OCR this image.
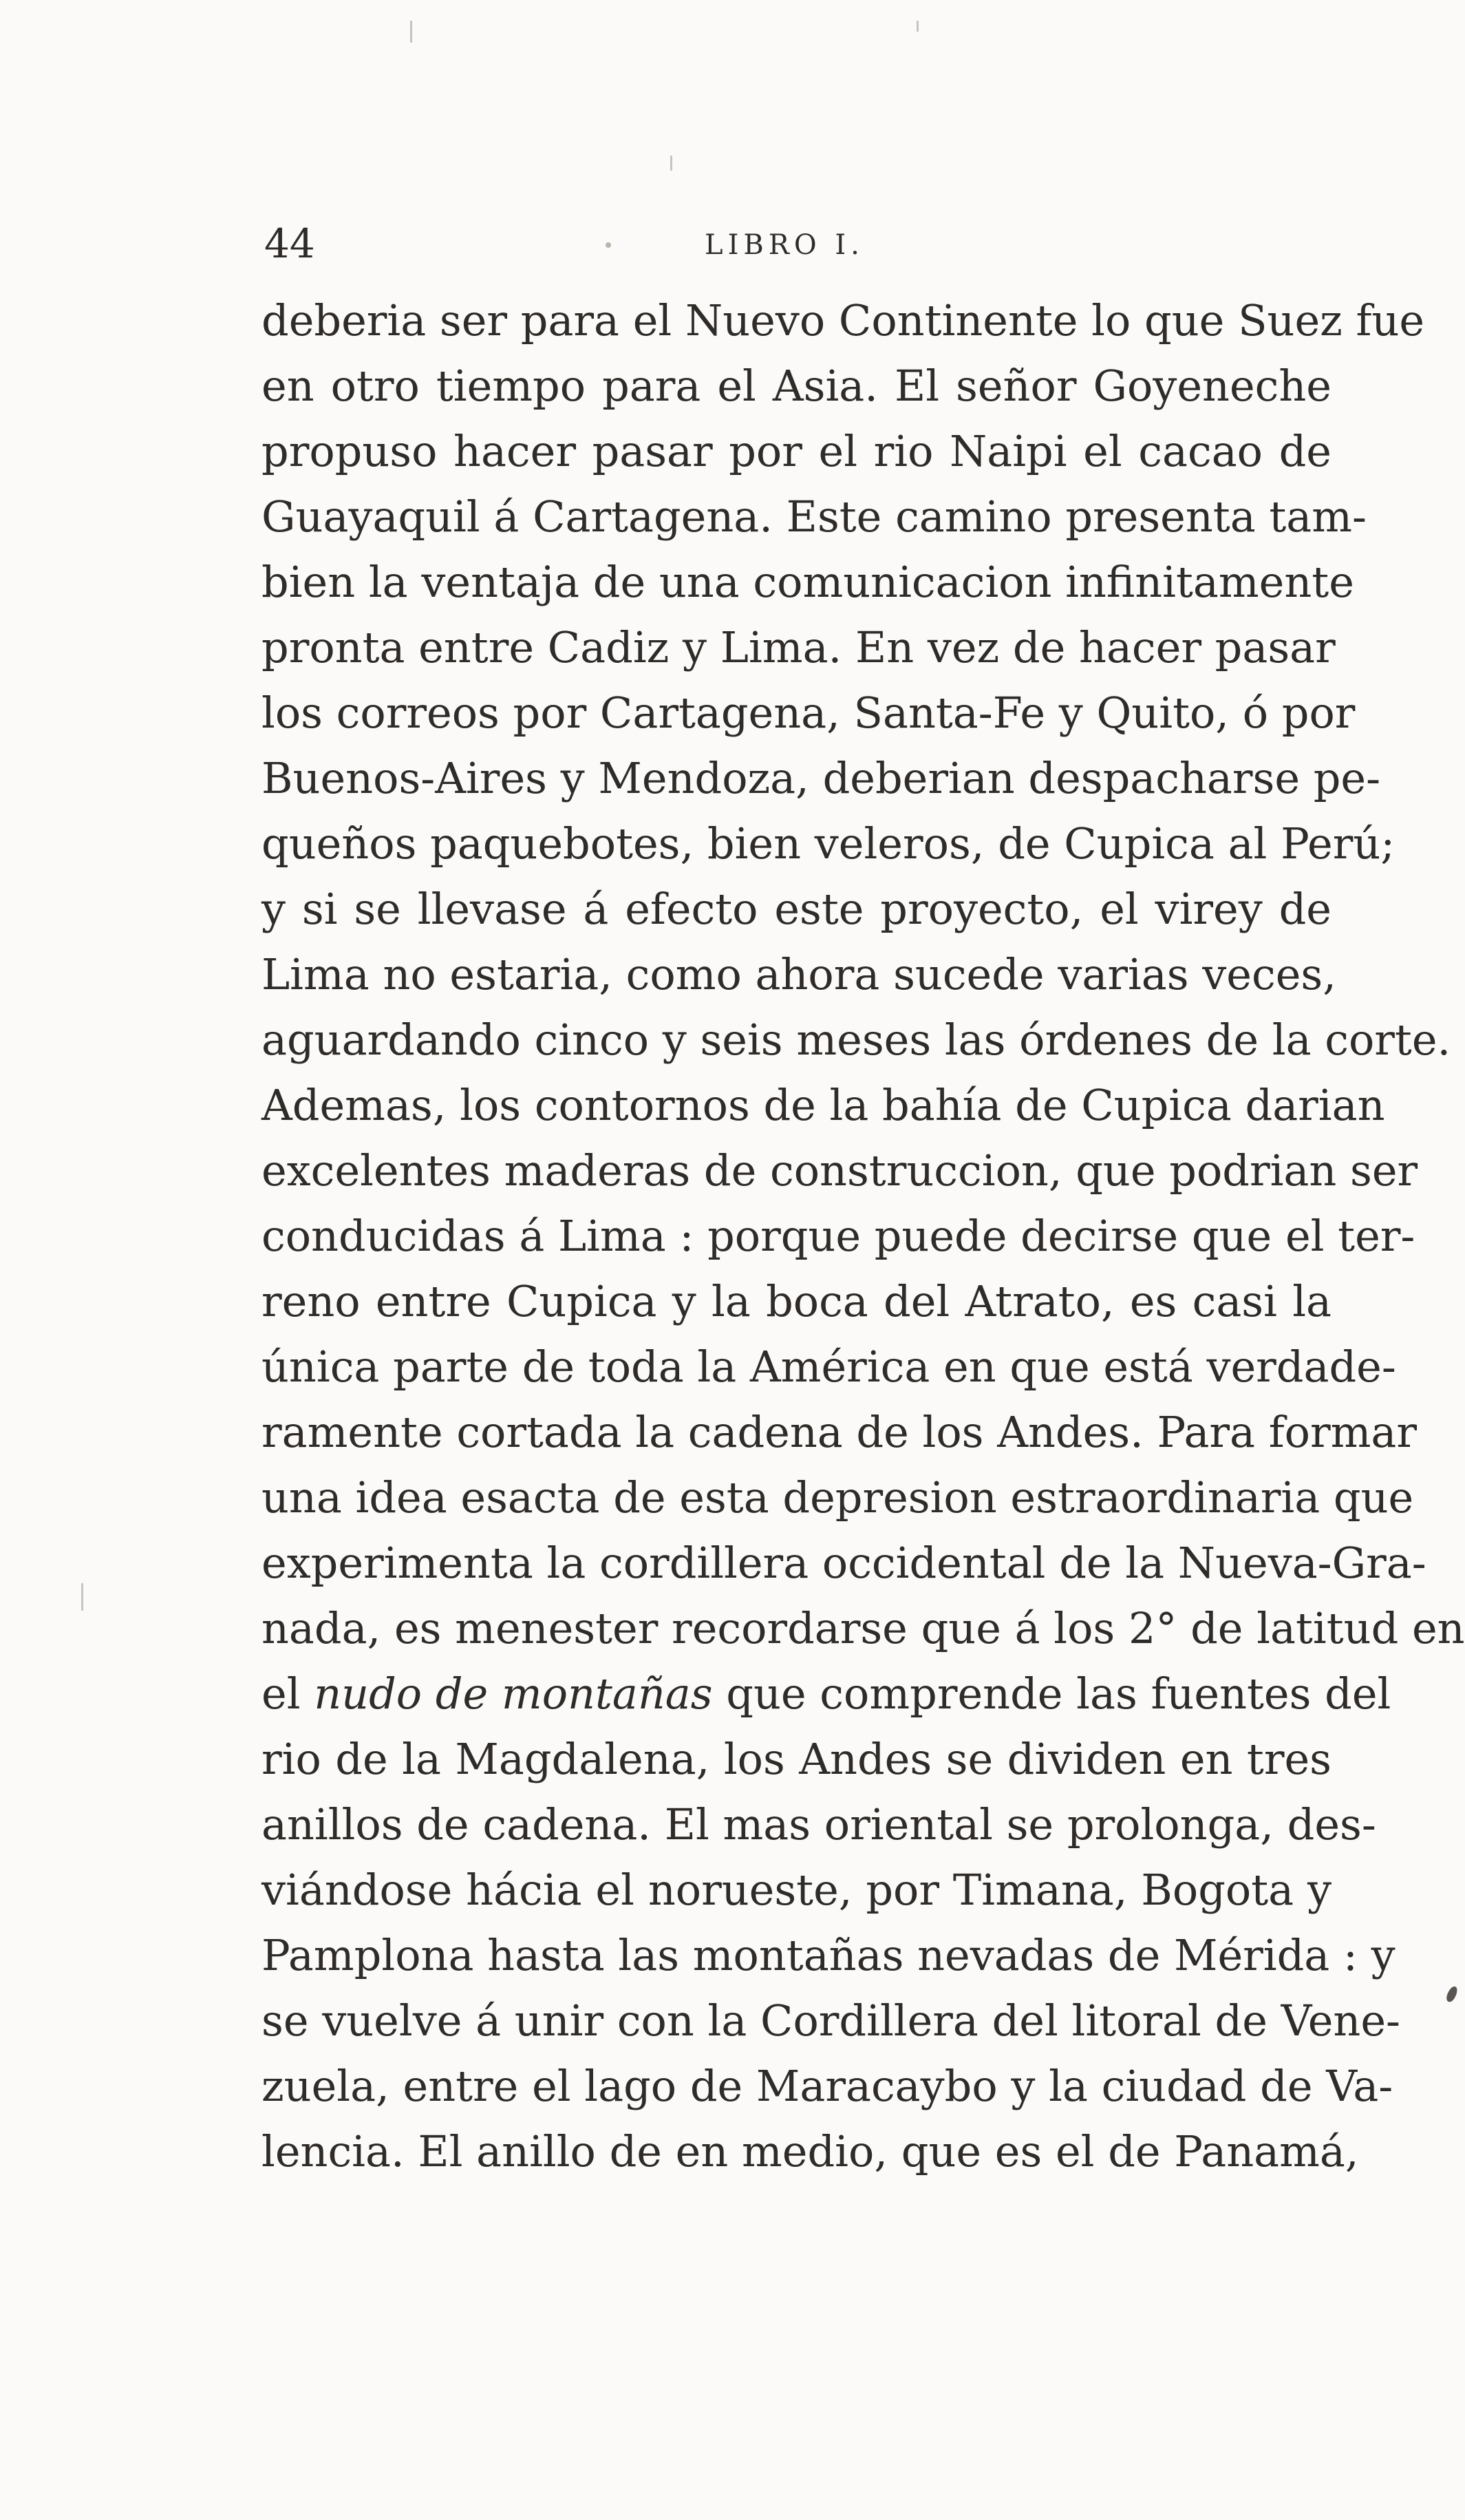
44	LIBRO I.
deberia ser para el Nuevo Continente lo que Suez fue
en otro tiempo para el Asia. El señor Goyeneche
propuso hacer pasar por el rio Naipi el cacao de
Guayaquil á Cartagena. Este camino presenta tam-
bien la ventaja de una comunicacion infinitamente
pronta entre Cadiz y Lima. En vez de hacer pasar
los correos por Cartagena, Santa-Fe y Quito, ó por
Buenos-Aires y Mendoza, deberian despacharse pe-
queños paquebotes, bien veleros, de Cupica al Perú;
y si se llevase á efecto este proyecto, el virey de
Lima no estaria, como ahora sucede varias veces,
aguardando cinco y seis meses las órdenes de la corte.
Ademas, los contornos de la bahía de Cupica darian
excelentes maderas de construccion, que podrian ser
conducidas á Lima : porque puede decirse que el ter-
reno entre Cupica y la boca del Atrato, es casi la
única parte de toda la América en que está verdade-
ramente cortada la cadena de los Andes. Para formar
una idea esacta de esta depresion estraordinaria que
experimenta la cordillera occidental de la Nueva-Gra-
nada, es menester recordarse que á los 2° de latitud en
el nudo de montañas que comprende las fuentes del
rio de la Magdalena, los Andes se dividen en tres
anillos de cadena. El mas oriental se prolonga, des-
viándose hácia el norueste, por Timana, Bogota y
Pamplona hasta las montañas nevadas de Mérida : y
se vuelve á unir con la Cordillera del litoral de Vene-
zuela, entre el lago de Maracaybo y la ciudad de Va-
lencia. El anillo de en medio, que es el de Panamá,
